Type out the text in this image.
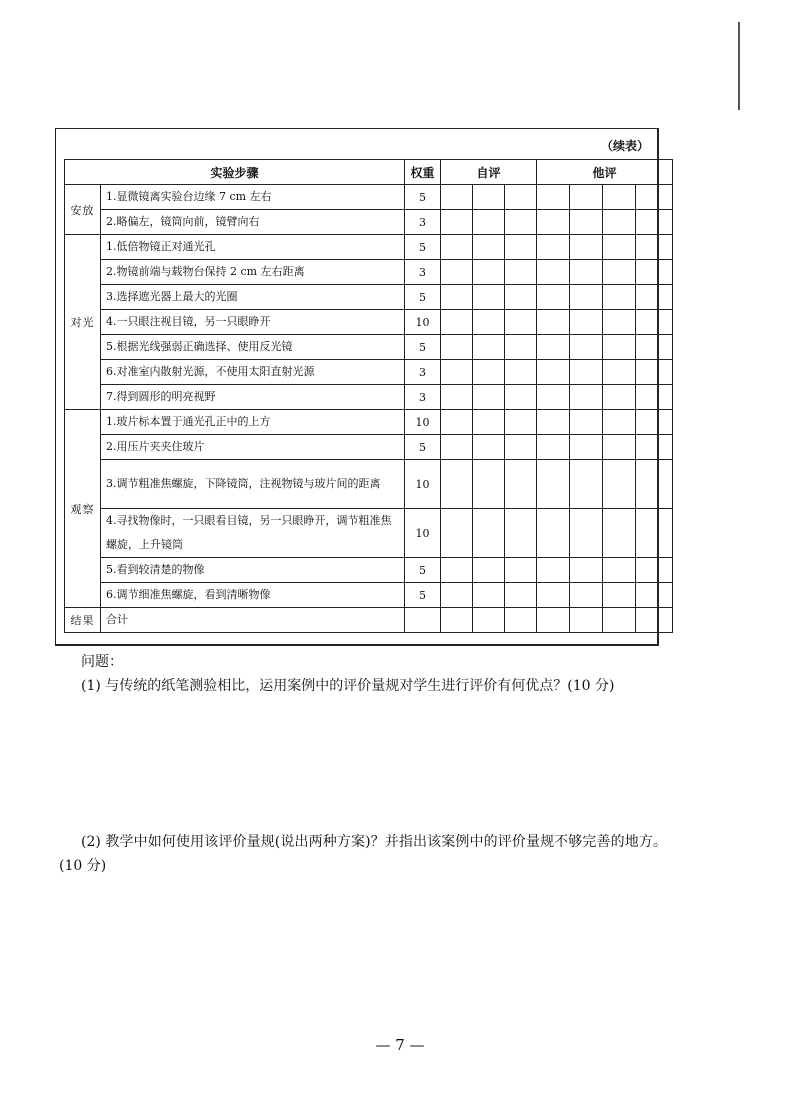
（续表）
实验步骤		权重	自评			他评			
安放	1.显微镜离实验台边缘 7 cm 左右	5							
	2.略偏左，镜筒向前，镜臂向右	3							
对光	1.低倍物镜正对通光孔	5							
	2.物镜前端与载物台保持 2 cm 左右距离	3							
	3.选择遮光器上最大的光圈	5							
	4.一只眼注视目镜，另一只眼睁开	10							
	5.根据光线强弱正确选择、使用反光镜	5							
	6.对准室内散射光源，不使用太阳直射光源	3							
	7.得到圆形的明亮视野	3							
观察	1.玻片标本置于通光孔正中的上方	10							
	2.用压片夹夹住玻片	5							
	3.调节粗准焦螺旋，下降镜筒，注视物镜与玻片间的距离	10							
	4.寻找物像时，一只眼看目镜，另一只眼睁开，调节粗准焦螺旋，上升镜筒	10							
	5.看到较清楚的物像	5							
	6.调节细准焦螺旋，看到清晰物像	5							
结果	合计								
问题：
(1) 与传统的纸笔测验相比，运用案例中的评价量规对学生进行评价有何优点？(10 分)
(2) 教学中如何使用该评价量规(说出两种方案)？并指出该案例中的评价量规不够完善的地方。(10 分)
— 7 —
